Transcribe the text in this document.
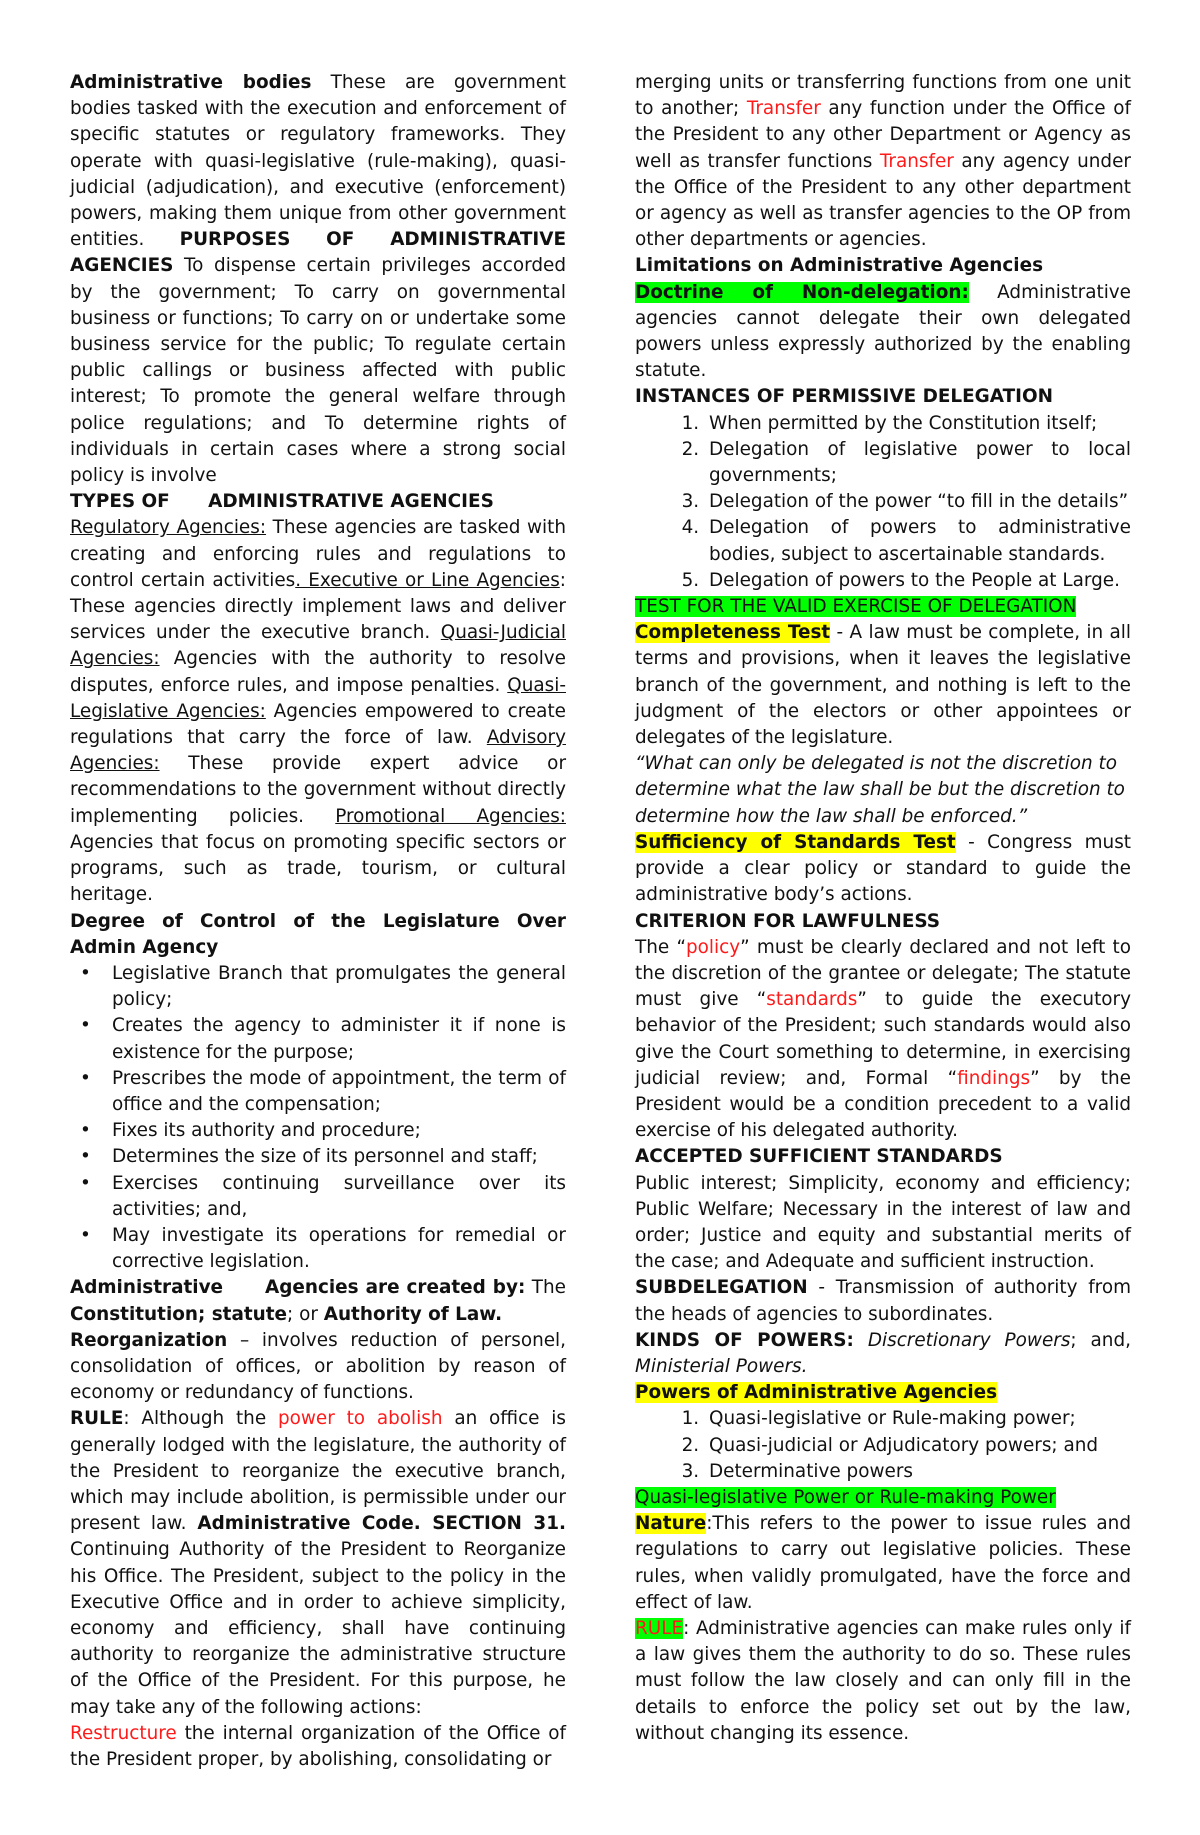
Administrative bodies These are government bodies tasked with the execution and enforcement of specific statutes or regulatory frameworks. They operate with quasi-legislative (rule-making), quasi-judicial (adjudication), and executive (enforcement) powers, making them unique from other government entities. PURPOSES OF ADMINISTRATIVE AGENCIES To dispense certain privileges accorded by the government; To carry on governmental business or functions; To carry on or undertake some business service for the public; To regulate certain public callings or business affected with public interest; To promote the general welfare through police regulations; and To determine rights of individuals in certain cases where a strong social policy is involve

TYPES OF      ADMINISTRATIVE AGENCIES

Regulatory Agencies: These agencies are tasked with creating and enforcing rules and regulations to control certain activities. Executive or Line Agencies: These agencies directly implement laws and deliver services under the executive branch. Quasi-Judicial Agencies: Agencies with the authority to resolve disputes, enforce rules, and impose penalties. Quasi-Legislative Agencies: Agencies empowered to create regulations that carry the force of law. Advisory Agencies: These provide expert advice or recommendations to the government without directly implementing policies. Promotional Agencies: Agencies that focus on promoting specific sectors or programs, such as trade, tourism, or cultural heritage.

Degree of Control of the Legislature Over Admin Agency

• Legislative Branch that promulgates the general policy;
• Creates the agency to administer it if none is existence for the purpose;
• Prescribes the mode of appointment, the term of office and the compensation;
• Fixes its authority and procedure;
• Determines the size of its personnel and staff;
• Exercises continuing surveillance over its activities; and,
• May investigate its operations for remedial or corrective legislation.

Administrative      Agencies are created by: The Constitution; statute; or Authority of Law.

Reorganization – involves reduction of personel, consolidation of offices, or abolition by reason of economy or redundancy of functions.

RULE: Although the power to abolish an office is generally lodged with the legislature, the authority of the President to reorganize the executive branch, which may include abolition, is permissible under our present law. Administrative Code. SECTION 31. Continuing Authority of the President to Reorganize his Office. The President, subject to the policy in the Executive Office and in order to achieve simplicity, economy and efficiency, shall have continuing authority to reorganize the administrative structure of the Office of the President. For this purpose, he may take any of the following actions:

Restructure the internal organization of the Office of the President proper, by abolishing, consolidating or

merging units or transferring functions from one unit to another; Transfer any function under the Office of the President to any other Department or Agency as well as transfer functions Transfer any agency under the Office of the President to any other department or agency as well as transfer agencies to the OP from other departments or agencies.

Limitations on Administrative Agencies

Doctrine of Non-delegation: Administrative agencies cannot delegate their own delegated powers unless expressly authorized by the enabling statute.

INSTANCES OF PERMISSIVE DELEGATION

1. When permitted by the Constitution itself;
2. Delegation of legislative power to local governments;
3. Delegation of the power “to fill in the details”
4. Delegation of powers to administrative bodies, subject to ascertainable standards.
5. Delegation of powers to the People at Large.

TEST FOR THE VALID EXERCISE OF DELEGATION

Completeness Test - A law must be complete, in all terms and provisions, when it leaves the legislative branch of the government, and nothing is left to the judgment of the electors or other appointees or delegates of the legislature.

“What can only be delegated is not the discretion to determine what the law shall be but the discretion to determine how the law shall be enforced.”

Sufficiency of Standards Test - Congress must provide a clear policy or standard to guide the administrative body’s actions.

CRITERION FOR LAWFULNESS

The “policy” must be clearly declared and not left to the discretion of the grantee or delegate; The statute must give “standards” to guide the executory behavior of the President; such standards would also give the Court something to determine, in exercising judicial review; and, Formal “findings” by the President would be a condition precedent to a valid exercise of his delegated authority.

ACCEPTED SUFFICIENT STANDARDS

Public interest; Simplicity, economy and efficiency; Public Welfare; Necessary in the interest of law and order; Justice and equity and substantial merits of the case; and Adequate and sufficient instruction.

SUBDELEGATION - Transmission of authority from the heads of agencies to subordinates.

KINDS OF POWERS: Discretionary Powers; and, Ministerial Powers.

Powers of Administrative Agencies

1. Quasi-legislative or Rule-making power;
2. Quasi-judicial or Adjudicatory powers; and
3. Determinative powers

Quasi-legislative Power or Rule-making Power

Nature:This refers to the power to issue rules and regulations to carry out legislative policies. These rules, when validly promulgated, have the force and effect of law.

RULE: Administrative agencies can make rules only if a law gives them the authority to do so. These rules must follow the law closely and can only fill in the details to enforce the policy set out by the law, without changing its essence.
